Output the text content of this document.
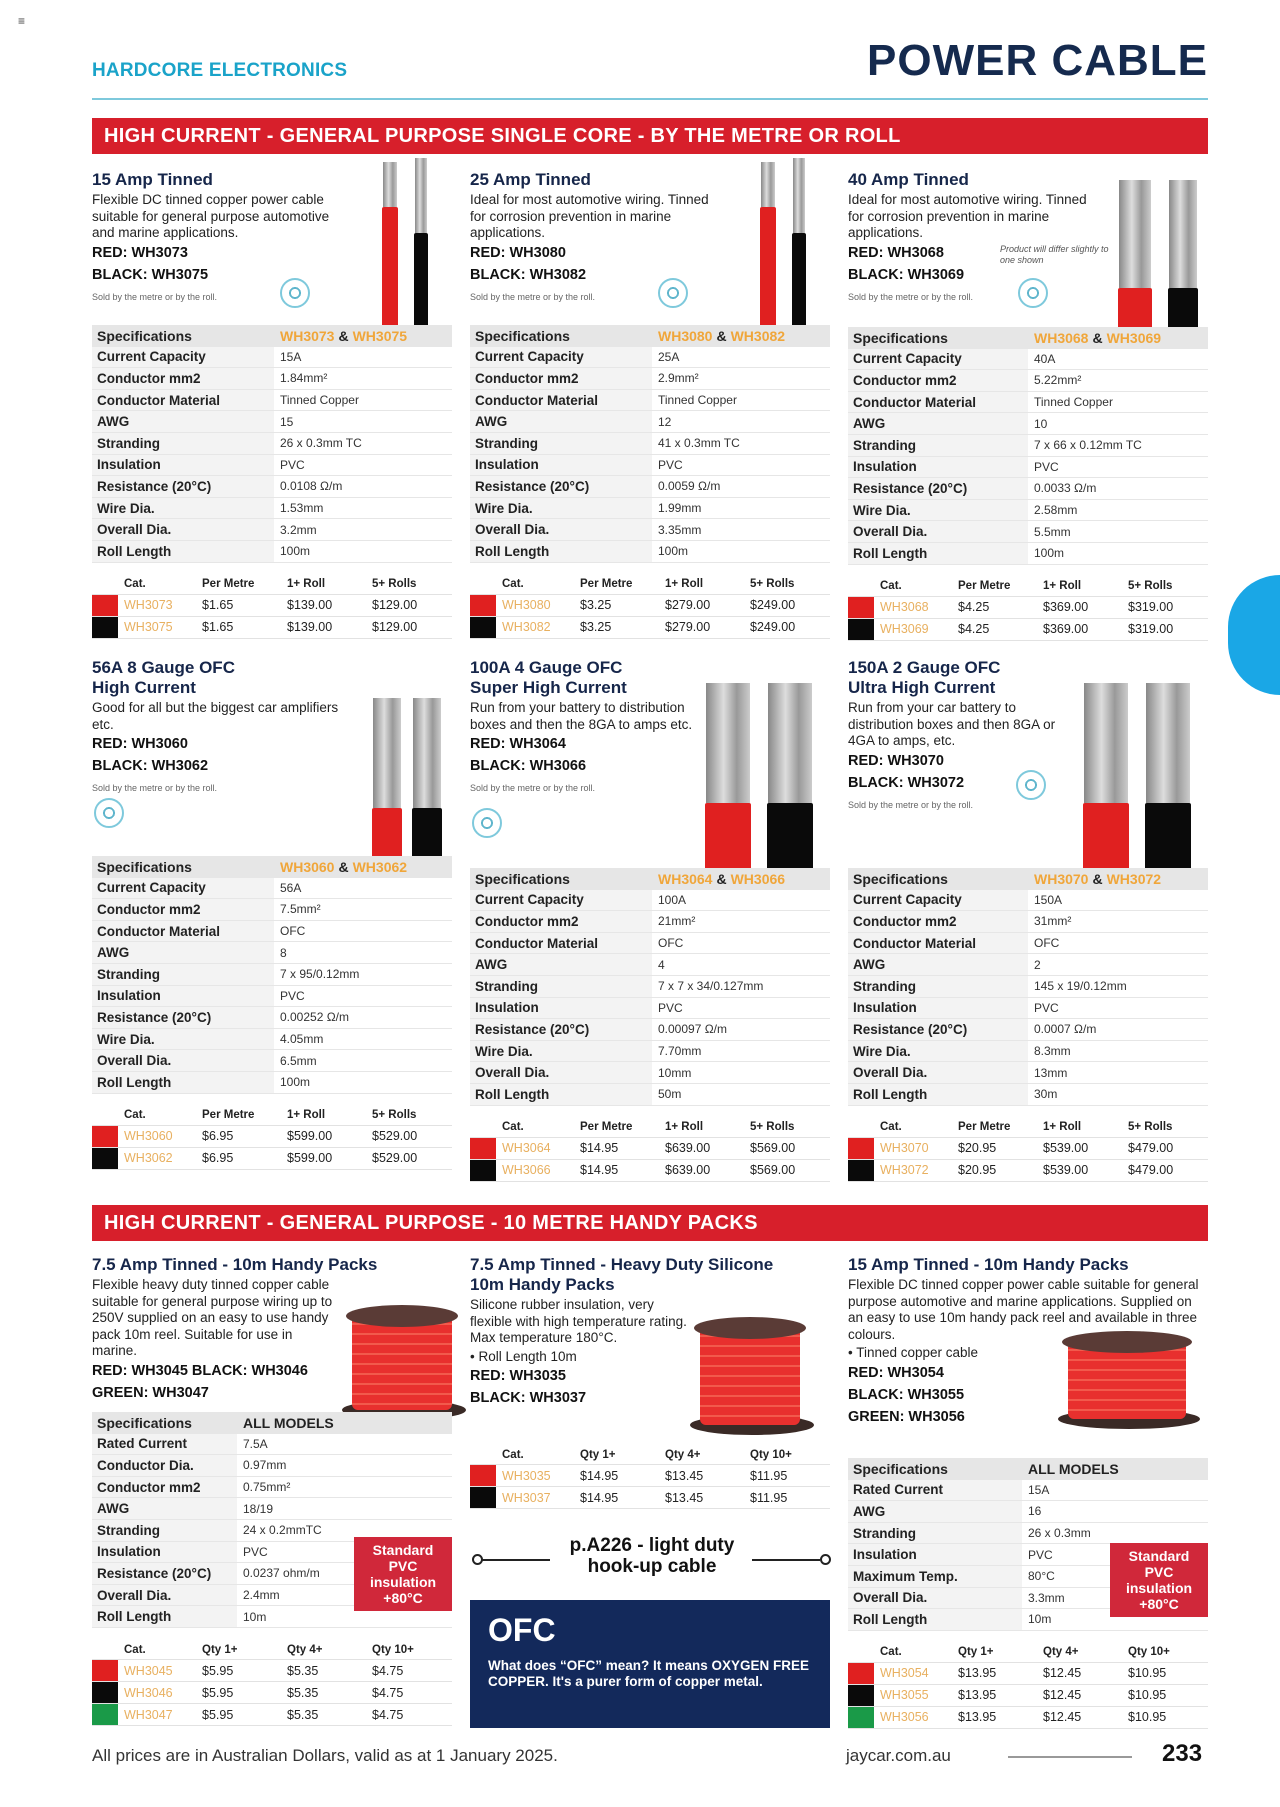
≡
HARDCORE ELECTRONICS	POWER CABLE
HIGH CURRENT - GENERAL PURPOSE SINGLE CORE - BY THE METRE OR ROLL
HIGH CURRENT - GENERAL PURPOSE - 10 METRE HANDY PACKS
15 Amp Tinned
Flexible DC tinned copper power cable suitable for general purpose automotive and marine applications.
RED: WH3073
BLACK: WH3075
Sold by the metre or by the roll.
Specifications	WH3073 & WH3075
Current Capacity	15A
Conductor mm2	1.84mm²
Conductor Material	Tinned Copper
AWG	15
Stranding	26 x 0.3mm TC
Insulation	PVC
Resistance (20°C)	0.0108 Ω/m
Wire Dia.	1.53mm
Overall Dia.	3.2mm
Roll Length	100m
Cat.	Per Metre	1+ Roll	5+ Rolls
WH3073	$1.65	$139.00	$129.00
WH3075	$1.65	$139.00	$129.00
25 Amp Tinned
Ideal for most automotive wiring. Tinned for corrosion prevention in marine applications.
RED: WH3080
BLACK: WH3082
Sold by the metre or by the roll.
Specifications	WH3080 & WH3082
Current Capacity	25A
Conductor mm2	2.9mm²
Conductor Material	Tinned Copper
AWG	12
Stranding	41 x 0.3mm TC
Insulation	PVC
Resistance (20°C)	0.0059 Ω/m
Wire Dia.	1.99mm
Overall Dia.	3.35mm
Roll Length	100m
Cat.	Per Metre	1+ Roll	5+ Rolls
WH3080	$3.25	$279.00	$249.00
WH3082	$3.25	$279.00	$249.00
40 Amp Tinned
Ideal for most automotive wiring. Tinned for corrosion prevention in marine applications.
RED: WH3068
BLACK: WH3069
Sold by the metre or by the roll.
Product will differ slightly to one shown
Specifications	WH3068 & WH3069
Current Capacity	40A
Conductor mm2	5.22mm²
Conductor Material	Tinned Copper
AWG	10
Stranding	7 x 66 x 0.12mm TC
Insulation	PVC
Resistance (20°C)	0.0033 Ω/m
Wire Dia.	2.58mm
Overall Dia.	5.5mm
Roll Length	100m
Cat.	Per Metre	1+ Roll	5+ Rolls
WH3068	$4.25	$369.00	$319.00
WH3069	$4.25	$369.00	$319.00
56A 8 Gauge OFC
High Current
Good for all but the biggest car amplifiers etc.
RED: WH3060
BLACK: WH3062
Sold by the metre or by the roll.
Specifications	WH3060 & WH3062
Current Capacity	56A
Conductor mm2	7.5mm²
Conductor Material	OFC
AWG	8
Stranding	7 x 95/0.12mm
Insulation	PVC
Resistance (20°C)	0.00252 Ω/m
Wire Dia.	4.05mm
Overall Dia.	6.5mm
Roll Length	100m
Cat.	Per Metre	1+ Roll	5+ Rolls
WH3060	$6.95	$599.00	$529.00
WH3062	$6.95	$599.00	$529.00
100A 4 Gauge OFC
Super High Current
Run from your battery to distribution boxes and then the 8GA to amps etc.
RED: WH3064
BLACK: WH3066
Sold by the metre or by the roll.
Specifications	WH3064 & WH3066
Current Capacity	100A
Conductor mm2	21mm²
Conductor Material	OFC
AWG	4
Stranding	7 x 7 x 34/0.127mm
Insulation	PVC
Resistance (20°C)	0.00097 Ω/m
Wire Dia.	7.70mm
Overall Dia.	10mm
Roll Length	50m
Cat.	Per Metre	1+ Roll	5+ Rolls
WH3064	$14.95	$639.00	$569.00
WH3066	$14.95	$639.00	$569.00
150A 2 Gauge OFC
Ultra High Current
Run from your car battery to distribution boxes and then 8GA or 4GA to amps, etc.
RED: WH3070
BLACK: WH3072
Sold by the metre or by the roll.
Specifications	WH3070 & WH3072
Current Capacity	150A
Conductor mm2	31mm²
Conductor Material	OFC
AWG	2
Stranding	145 x 19/0.12mm
Insulation	PVC
Resistance (20°C)	0.0007 Ω/m
Wire Dia.	8.3mm
Overall Dia.	13mm
Roll Length	30m
Cat.	Per Metre	1+ Roll	5+ Rolls
WH3070	$20.95	$539.00	$479.00
WH3072	$20.95	$539.00	$479.00
7.5 Amp Tinned - 10m Handy Packs
Flexible heavy duty tinned copper cable suitable for general purpose wiring up to 250V supplied on an easy to use handy pack 10m reel. Suitable for use in marine.
RED: WH3045 BLACK: WH3046
GREEN: WH3047
Specifications	ALL MODELS
Rated Current	7.5A
Conductor Dia.	0.97mm
Conductor mm2	0.75mm²
AWG	18/19
Stranding	24 x 0.2mmTC
Insulation	PVC
Resistance (20°C)	0.0237 ohm/m
Overall Dia.	2.4mm
Roll Length	10m
Standard PVC insulation +80°C
Cat.	Qty 1+	Qty 4+	Qty 10+
WH3045	$5.95	$5.35	$4.75
WH3046	$5.95	$5.35	$4.75
WH3047	$5.95	$5.35	$4.75
7.5 Amp Tinned - Heavy Duty Silicone 10m Handy Packs
Silicone rubber insulation, very flexible with high temperature rating. Max temperature 180°C.
• Roll Length 10m
RED: WH3035
BLACK: WH3037
Cat.	Qty 1+	Qty 4+	Qty 10+
WH3035	$14.95	$13.45	$11.95
WH3037	$14.95	$13.45	$11.95
15 Amp Tinned - 10m Handy Packs
Flexible DC tinned copper power cable suitable for general purpose automotive and marine applications. Supplied on an easy to use 10m handy pack reel and available in three colours.
• Tinned copper cable
RED: WH3054
BLACK: WH3055
GREEN: WH3056
Specifications	ALL MODELS
Rated Current	15A
AWG	16
Stranding	26 x 0.3mm
Insulation	PVC
Maximum Temp.	80°C
Overall Dia.	3.3mm
Roll Length	10m
Standard PVC insulation +80°C
Cat.	Qty 1+	Qty 4+	Qty 10+
WH3054	$13.95	$12.45	$10.95
WH3055	$13.95	$12.45	$10.95
WH3056	$13.95	$12.45	$10.95
p.A226 - light duty hook-up cable
OFC
What does “OFC” mean? It means OXYGEN FREE COPPER. It's a purer form of copper metal.
All prices are in Australian Dollars, valid as at 1 January 2025.	jaycar.com.au	233
